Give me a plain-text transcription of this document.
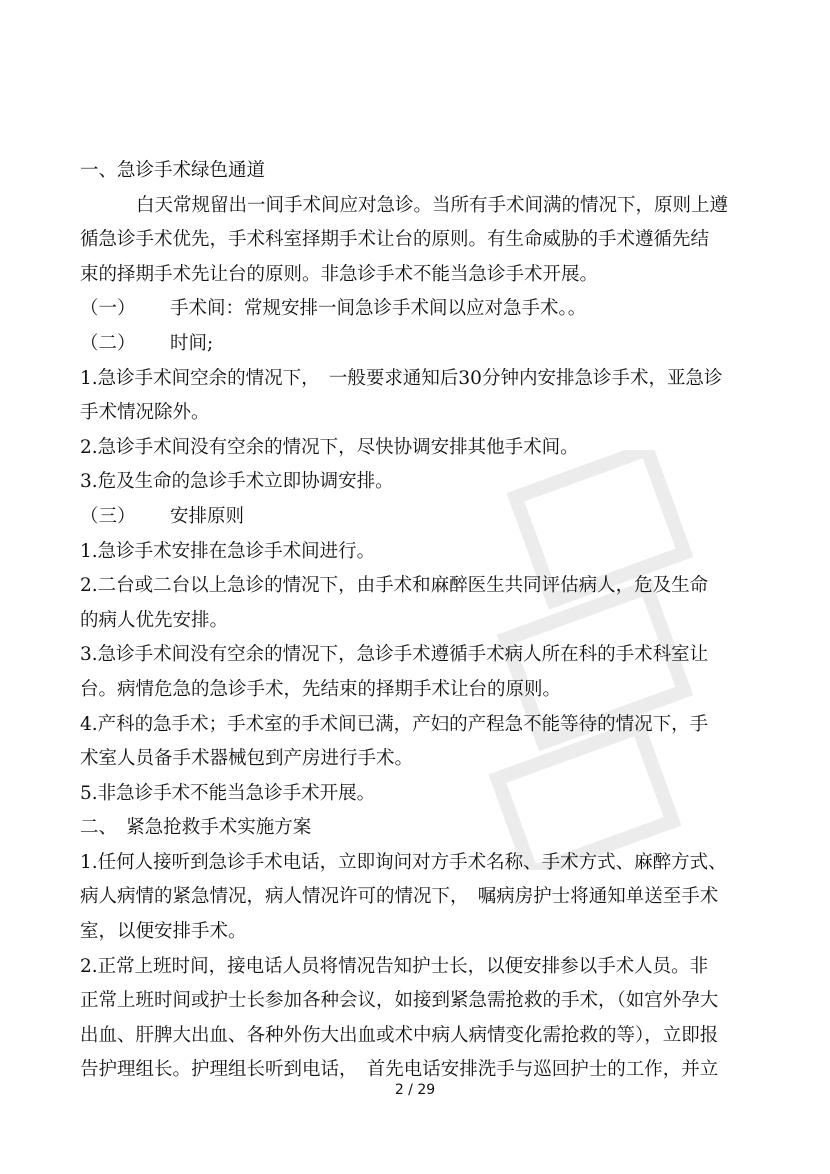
一、急诊手术绿色通道
白天常规留出一间手术间应对急诊。当所有手术间满的情况下，原则上遵
循急诊手术优先，手术科室择期手术让台的原则。有生命威胁的手术遵循先结
束的择期手术先让台的原则。非急诊手术不能当急诊手术开展。
（一） 手术间：常规安排一间急诊手术间以应对急手术。。
（二） 时间;
1.急诊手术间空余的情况下，　一般要求通知后30分钟内安排急诊手术，亚急诊
手术情况除外。
2.急诊手术间没有空余的情况下，尽快协调安排其他手术间。
3.危及生命的急诊手术立即协调安排。
（三） 安排原则
1.急诊手术安排在急诊手术间进行。
2.二台或二台以上急诊的情况下，由手术和麻醉医生共同评估病人，危及生命
的病人优先安排。
3.急诊手术间没有空余的情况下，急诊手术遵循手术病人所在科的手术科室让
台。病情危急的急诊手术，先结束的择期手术让台的原则。
4.产科的急手术；手术室的手术间已满，产妇的产程急不能等待的情况下，手
术室人员备手术器械包到产房进行手术。
5.非急诊手术不能当急诊手术开展。
二、　紧急抢救手术实施方案
1.任何人接听到急诊手术电话，立即询问对方手术名称、手术方式、麻醉方式、
病人病情的紧急情况，病人情况许可的情况下，　嘱病房护士将通知单送至手术
室，以便安排手术。
2.正常上班时间，接电话人员将情况告知护士长，以便安排参以手术人员。非
正常上班时间或护士长参加各种会议，如接到紧急需抢救的手术，（如宫外孕大
出血、肝脾大出血、各种外伤大出血或术中病人病情变化需抢救的等），立即报
告护理组长。护理组长听到电话，　首先电话安排洗手与巡回护士的工作，并立
2 / 29
